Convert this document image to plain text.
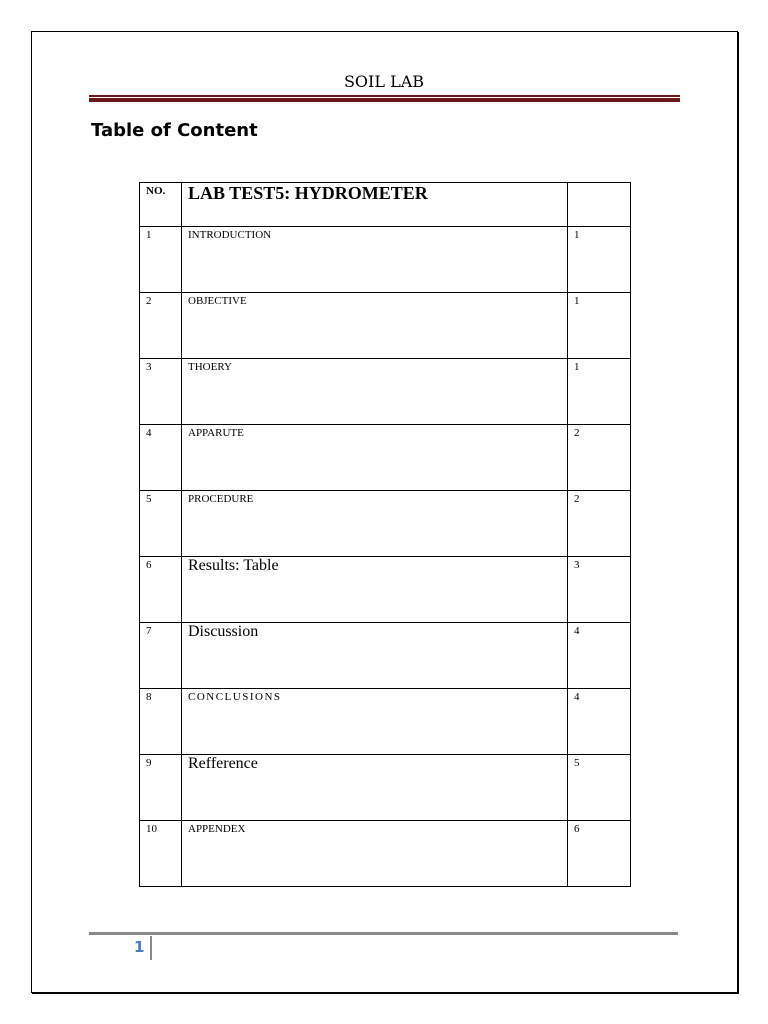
SOIL LAB
Table of Content
NO.	LAB TEST5: HYDROMETER	
1	INTRODUCTION	1
2	OBJECTIVE	1
3	THOERY	1
4	APPARUTE	2
5	PROCEDURE	2
6	Results: Table	3
7	Discussion	4
8	CONCLUSIONS	4
9	Refference	5
10	APPENDEX	6
1
